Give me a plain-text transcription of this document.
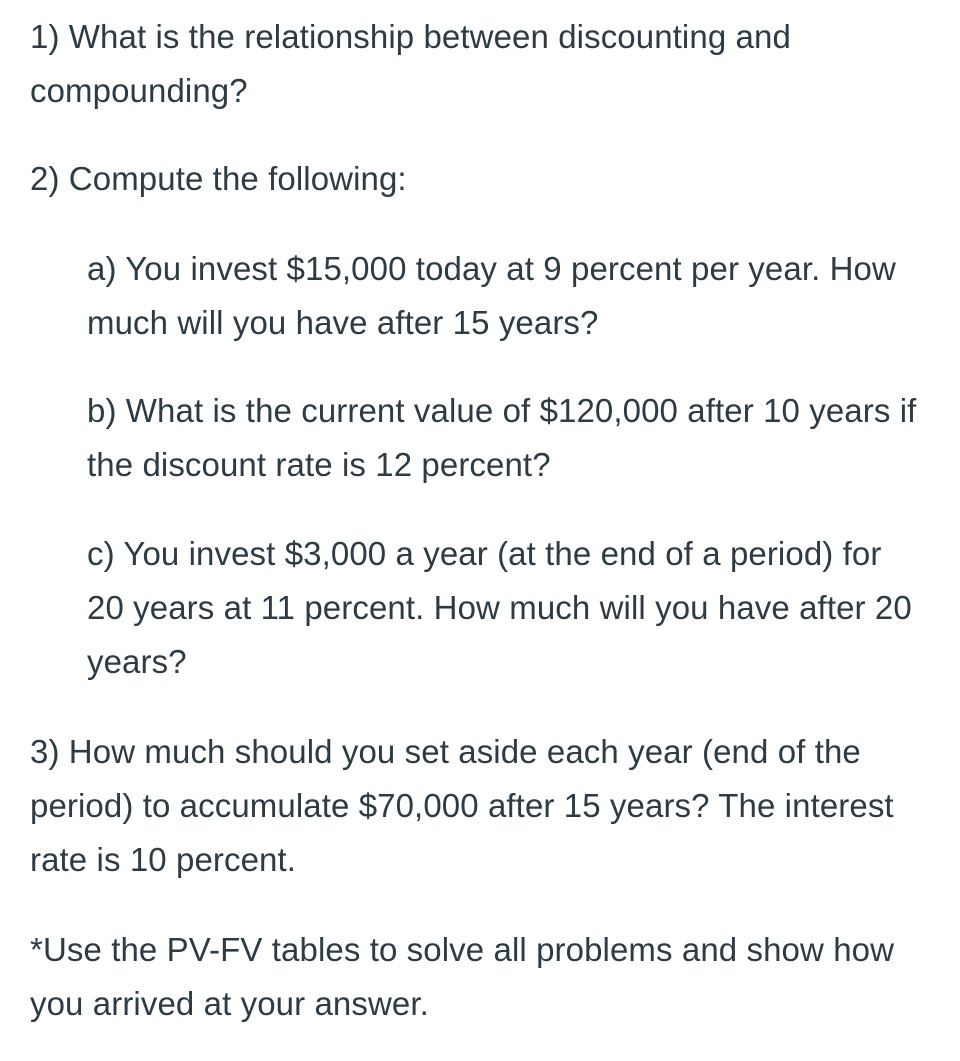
1) What is the relationship between discounting and compounding?

2) Compute the following:

a) You invest $15,000 today at 9 percent per year. How much will you have after 15 years?

b) What is the current value of $120,000 after 10 years if the discount rate is 12 percent?

c) You invest $3,000 a year (at the end of a period) for 20 years at 11 percent. How much will you have after 20 years?

3) How much should you set aside each year (end of the period) to accumulate $70,000 after 15 years? The interest rate is 10 percent.

*Use the PV-FV tables to solve all problems and show how you arrived at your answer.
